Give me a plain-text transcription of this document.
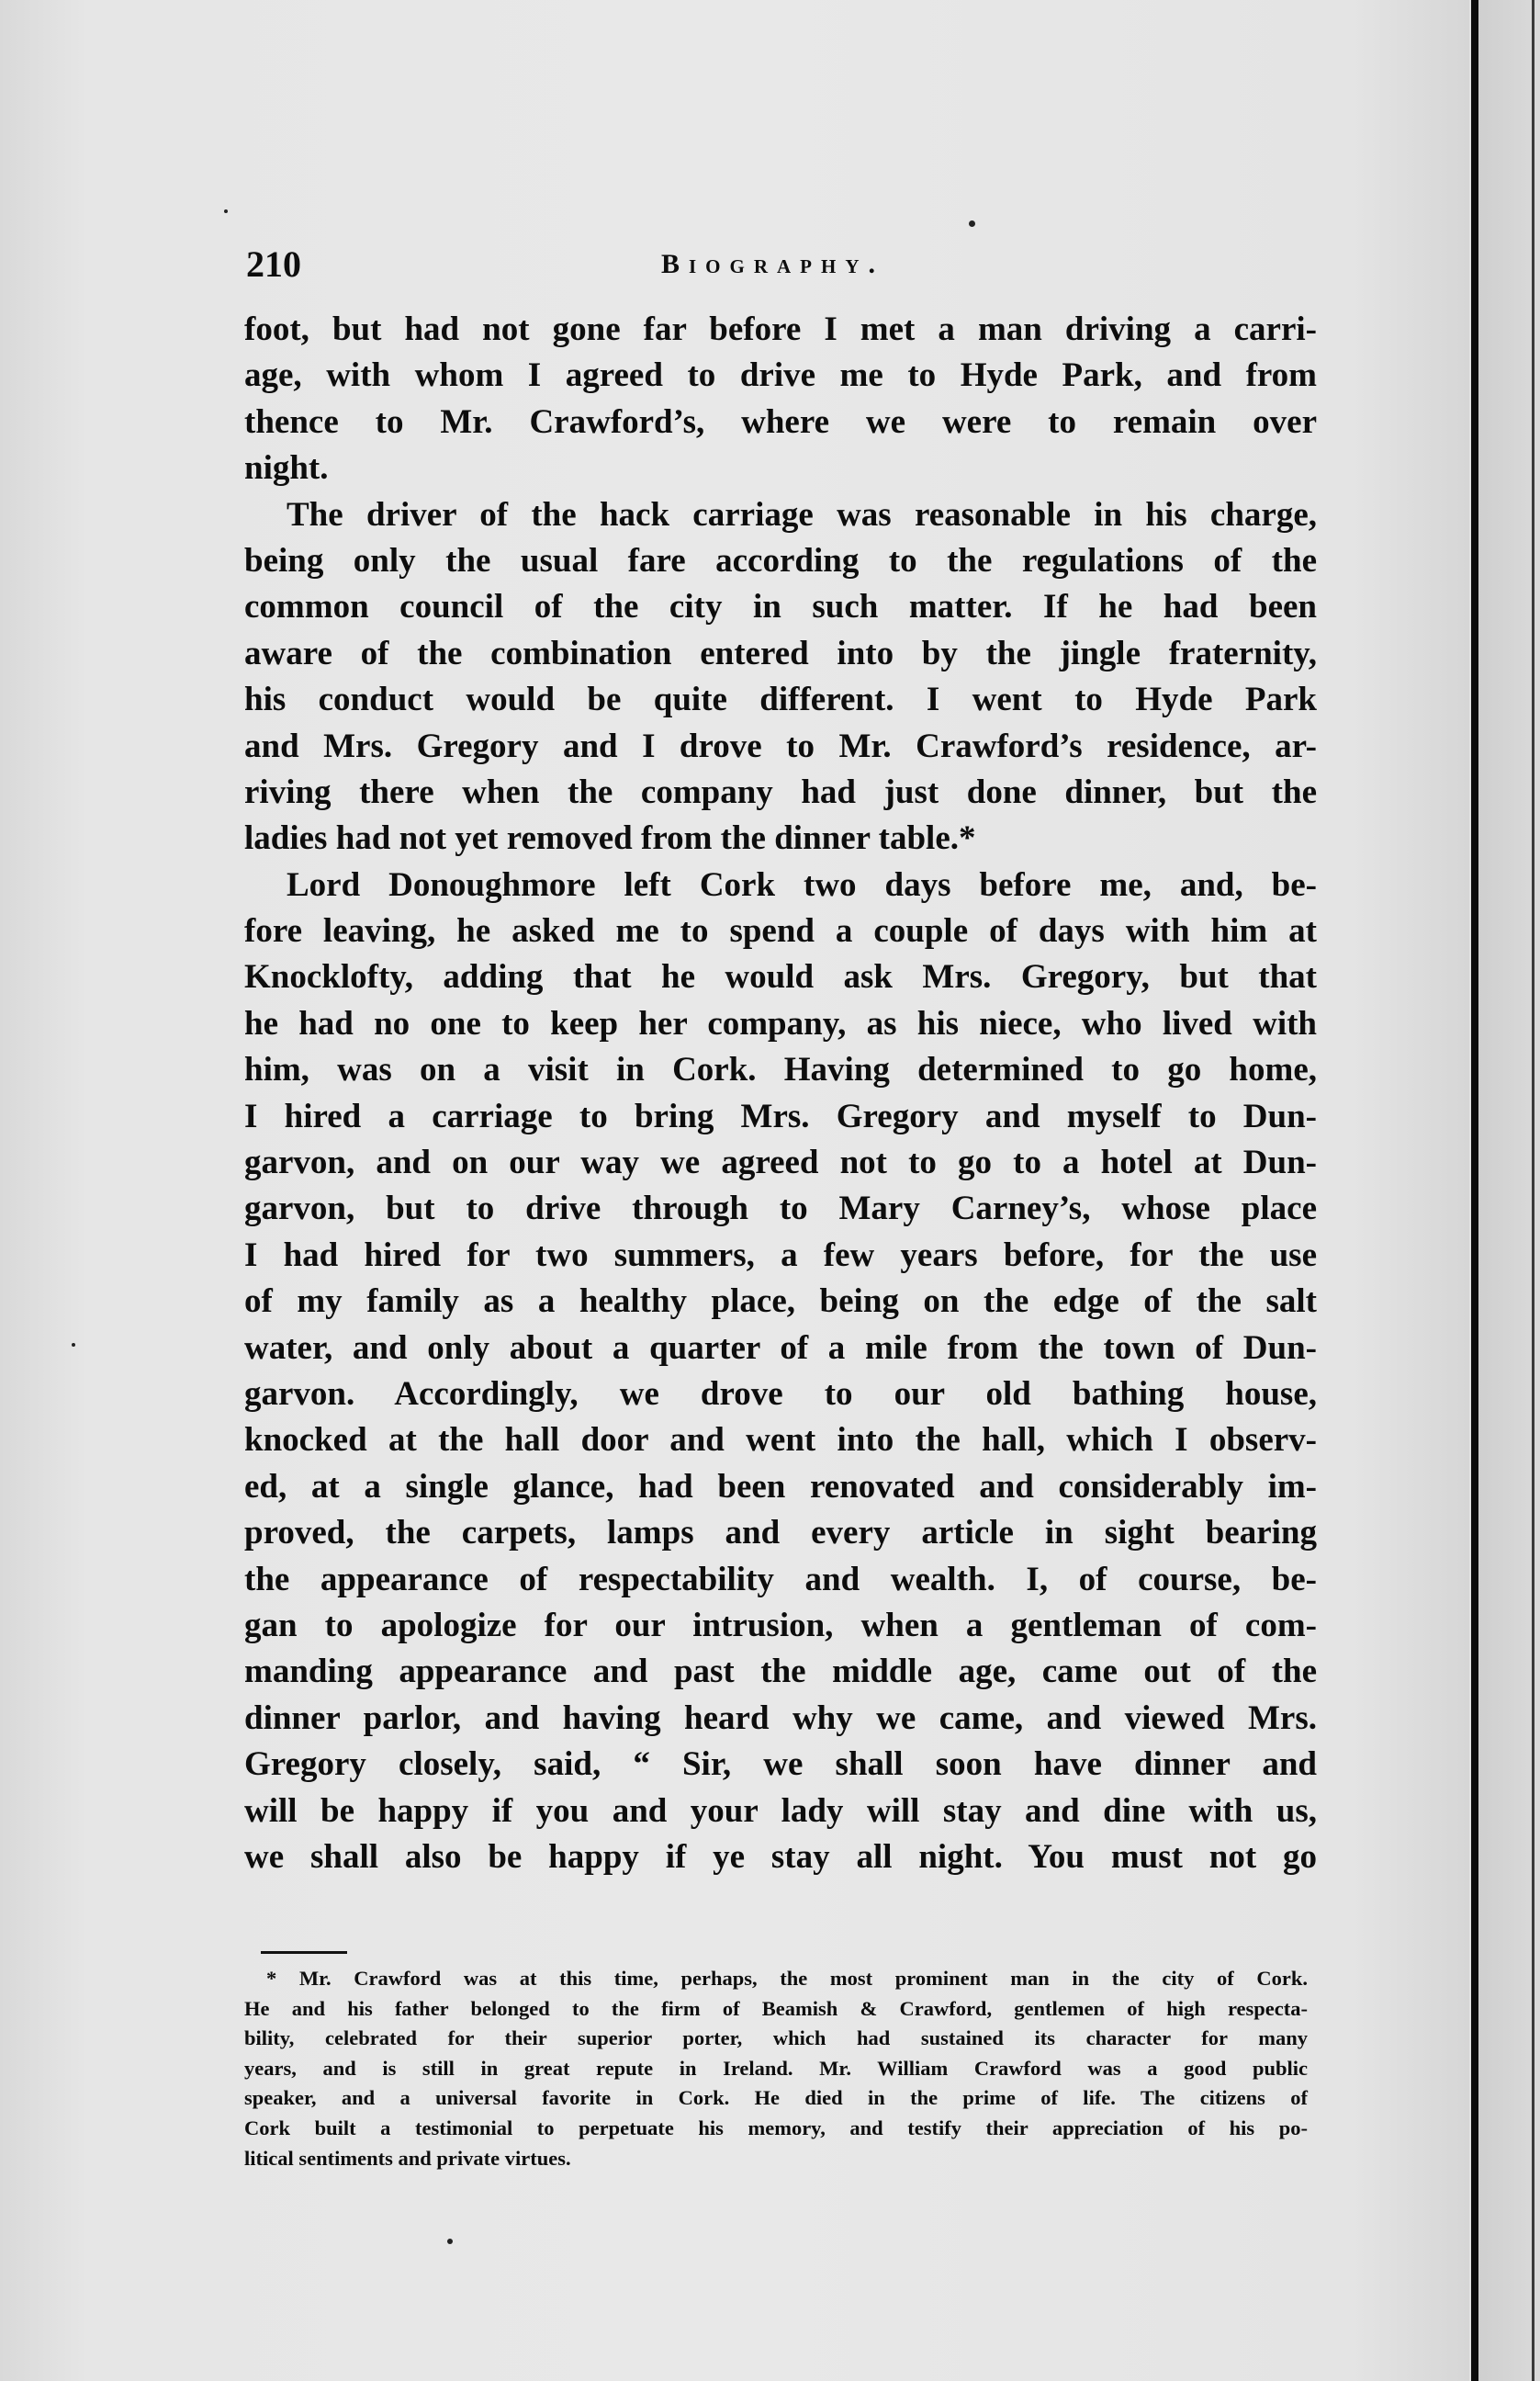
210	Biography.
foot, but had not gone far before I met a man driving a carri-
age, with whom I agreed to drive me to Hyde Park, and from
thence to Mr. Crawford’s, where we were to remain over
night.
The driver of the hack carriage was reasonable in his charge,
being only the usual fare according to the regulations of the
common council of the city in such matter. If he had been
aware of the combination entered into by the jingle fraternity,
his conduct would be quite different. I went to Hyde Park
and Mrs. Gregory and I drove to Mr. Crawford’s residence, ar-
riving there when the company had just done dinner, but the
ladies had not yet removed from the dinner table.*
Lord Donoughmore left Cork two days before me, and, be-
fore leaving, he asked me to spend a couple of days with him at
Knocklofty, adding that he would ask Mrs. Gregory, but that
he had no one to keep her company, as his niece, who lived with
him, was on a visit in Cork. Having determined to go home,
I hired a carriage to bring Mrs. Gregory and myself to Dun-
garvon, and on our way we agreed not to go to a hotel at Dun-
garvon, but to drive through to Mary Carney’s, whose place
I had hired for two summers, a few years before, for the use
of my family as a healthy place, being on the edge of the salt
water, and only about a quarter of a mile from the town of Dun-
garvon. Accordingly, we drove to our old bathing house,
knocked at the hall door and went into the hall, which I observ-
ed, at a single glance, had been renovated and considerably im-
proved, the carpets, lamps and every article in sight bearing
the appearance of respectability and wealth. I, of course, be-
gan to apologize for our intrusion, when a gentleman of com-
manding appearance and past the middle age, came out of the
dinner parlor, and having heard why we came, and viewed Mrs.
Gregory closely, said, “ Sir, we shall soon have dinner and
will be happy if you and your lady will stay and dine with us,
we shall also be happy if ye stay all night. You must not go
* Mr. Crawford was at this time, perhaps, the most prominent man in the city of Cork.
He and his father belonged to the firm of Beamish & Crawford, gentlemen of high respecta-
bility, celebrated for their superior porter, which had sustained its character for many
years, and is still in great repute in Ireland. Mr. William Crawford was a good public
speaker, and a universal favorite in Cork. He died in the prime of life. The citizens of
Cork built a testimonial to perpetuate his memory, and testify their appreciation of his po-
litical sentiments and private virtues.
